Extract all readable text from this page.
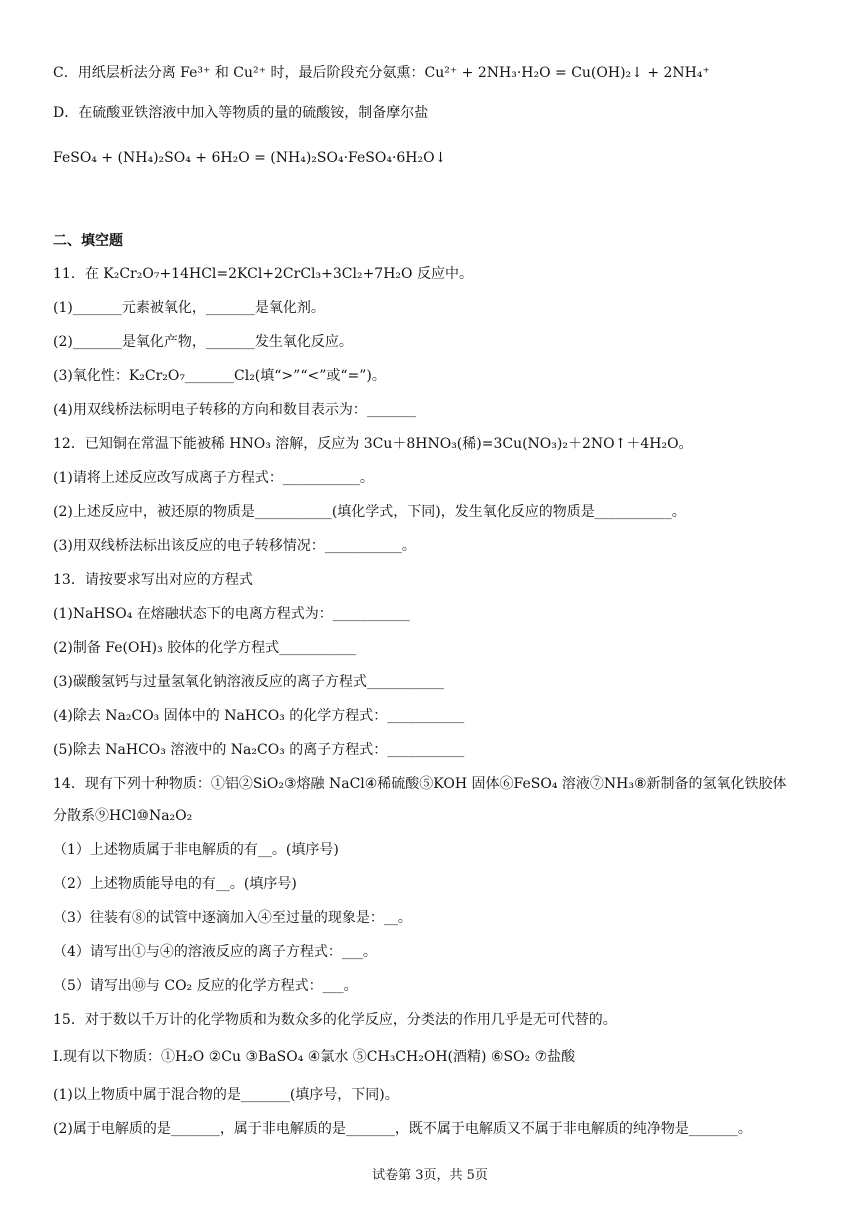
C．用纸层析法分离 Fe³⁺ 和 Cu²⁺ 时，最后阶段充分氨熏：Cu²⁺ + 2NH₃·H₂O = Cu(OH)₂↓ + 2NH₄⁺
D．在硫酸亚铁溶液中加入等物质的量的硫酸铵，制备摩尔盐
FeSO₄ + (NH₄)₂SO₄ + 6H₂O = (NH₄)₂SO₄·FeSO₄·6H₂O↓
二、填空题
11．在 K₂Cr₂O₇+14HCl=2KCl+2CrCl₃+3Cl₂+7H₂O 反应中。
(1)_______元素被氧化，_______是氧化剂。
(2)_______是氧化产物，_______发生氧化反应。
(3)氧化性：K₂Cr₂O₇_______Cl₂(填“>”“<”或“=”)。
(4)用双线桥法标明电子转移的方向和数目表示为：_______
12．已知铜在常温下能被稀 HNO₃ 溶解，反应为 3Cu＋8HNO₃(稀)=3Cu(NO₃)₂＋2NO↑＋4H₂O。
(1)请将上述反应改写成离子方程式：___________。
(2)上述反应中，被还原的物质是___________(填化学式，下同)，发生氧化反应的物质是___________。
(3)用双线桥法标出该反应的电子转移情况：___________。
13．请按要求写出对应的方程式
(1)NaHSO₄ 在熔融状态下的电离方程式为：___________
(2)制备 Fe(OH)₃ 胶体的化学方程式___________
(3)碳酸氢钙与过量氢氧化钠溶液反应的离子方程式___________
(4)除去 Na₂CO₃ 固体中的 NaHCO₃ 的化学方程式：___________
(5)除去 NaHCO₃ 溶液中的 Na₂CO₃ 的离子方程式：___________
14．现有下列十种物质：①铝②SiO₂③熔融 NaCl④稀硫酸⑤KOH 固体⑥FeSO₄ 溶液⑦NH₃⑧新制备的氢氧化铁胶体
分散系⑨HCl⑩Na₂O₂
（1）上述物质属于非电解质的有__。(填序号)
（2）上述物质能导电的有__。(填序号)
（3）往装有⑧的试管中逐滴加入④至过量的现象是：__。
（4）请写出①与④的溶液反应的离子方程式：___。
（5）请写出⑩与 CO₂ 反应的化学方程式：___。
15．对于数以千万计的化学物质和为数众多的化学反应，分类法的作用几乎是无可代替的。
I.现有以下物质：①H₂O ②Cu ③BaSO₄ ④氯水 ⑤CH₃CH₂OH(酒精) ⑥SO₂ ⑦盐酸
(1)以上物质中属于混合物的是_______(填序号，下同)。
(2)属于电解质的是_______，属于非电解质的是_______，既不属于电解质又不属于非电解质的纯净物是_______。
试卷第 3页，共 5页
